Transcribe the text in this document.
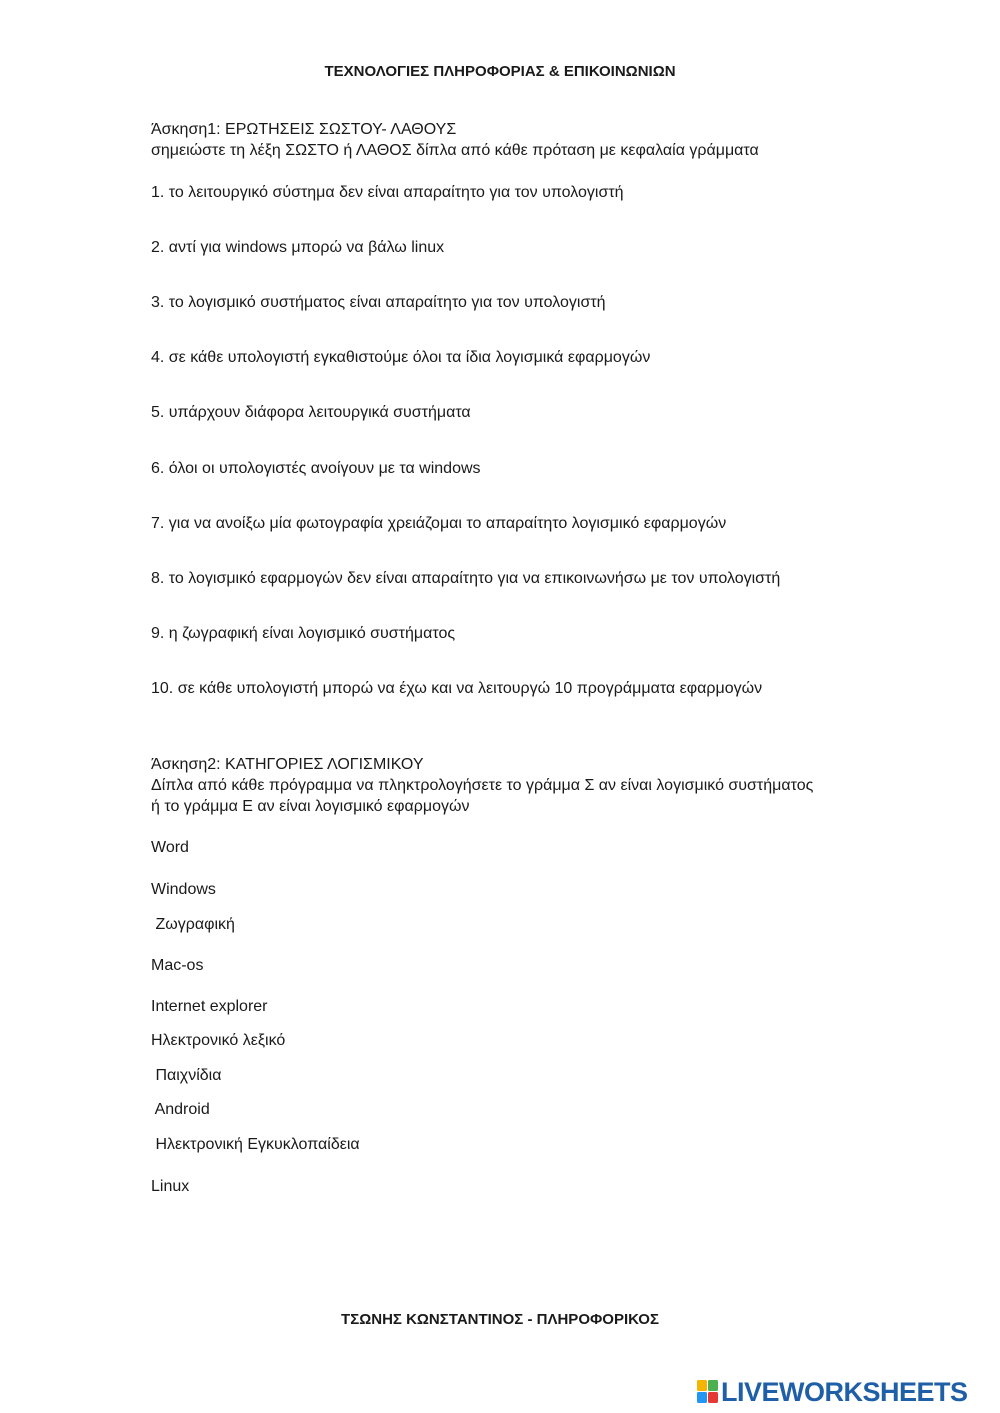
ΤΕΧΝΟΛΟΓΙΕΣ ΠΛΗΡΟΦΟΡΙΑΣ & ΕΠΙΚΟΙΝΩΝΙΩΝ
Άσκηση1: ΕΡΩΤΗΣΕΙΣ ΣΩΣΤΟΥ- ΛΑΘΟΥΣ
σημειώστε τη λέξη ΣΩΣΤΟ ή ΛΑΘΟΣ δίπλα από κάθε πρόταση με κεφαλαία γράμματα
1. το λειτουργικό σύστημα δεν είναι απαραίτητο για τον υπολογιστή
2. αντί για windows μπορώ να βάλω linux
3. το λογισμικό συστήματος είναι απαραίτητο για τον υπολογιστή
4. σε κάθε υπολογιστή εγκαθιστούμε όλοι τα ίδια λογισμικά εφαρμογών
5. υπάρχουν διάφορα λειτουργικά συστήματα
6. όλοι οι υπολογιστές ανοίγουν με τα windows
7. για να ανοίξω μία φωτογραφία χρειάζομαι το απαραίτητο λογισμικό εφαρμογών
8. το λογισμικό εφαρμογών δεν είναι απαραίτητο για να επικοινωνήσω με τον υπολογιστή
9. η ζωγραφική είναι λογισμικό συστήματος
10. σε κάθε υπολογιστή μπορώ να έχω και να λειτουργώ 10 προγράμματα εφαρμογών
Άσκηση2: ΚΑΤΗΓΟΡΙΕΣ ΛΟΓΙΣΜΙΚΟΥ
Δίπλα από κάθε πρόγραμμα να πληκτρολογήσετε το γράμμα Σ αν είναι λογισμικό συστήματος
ή το γράμμα Ε αν είναι λογισμικό εφαρμογών
Word
Windows
Ζωγραφική
Mac-os
Internet explorer
Ηλεκτρονικό λεξικό
Παιχνίδια
Android
Ηλεκτρονική Εγκυκλοπαίδεια
Linux
ΤΣΩΝΗΣ ΚΩΝΣΤΑΝΤΙΝΟΣ - ΠΛΗΡΟΦΟΡΙΚΟΣ
LIVEWORKSHEETS
